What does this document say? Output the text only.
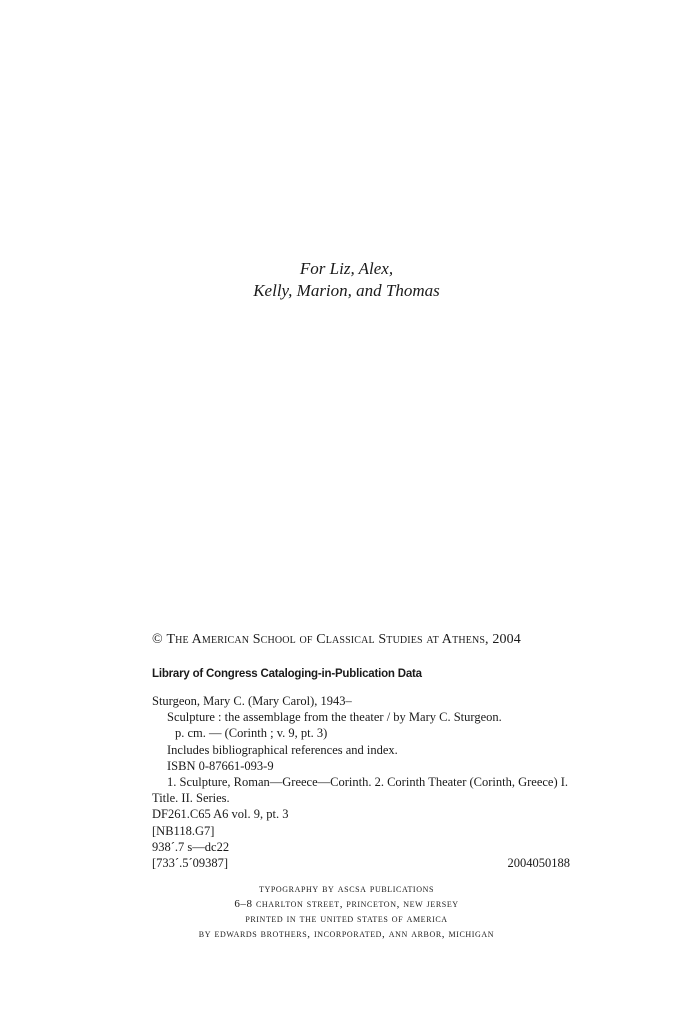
For Liz, Alex,
Kelly, Marion, and Thomas
© The American School of Classical Studies at Athens, 2004
Library of Congress Cataloging-in-Publication Data
Sturgeon, Mary C. (Mary Carol), 1943–
Sculpture : the assemblage from the theater / by Mary C. Sturgeon.
p. cm. — (Corinth ; v. 9, pt. 3)
Includes bibliographical references and index.
ISBN 0-87661-093-9
1. Sculpture, Roman—Greece—Corinth. 2. Corinth Theater (Corinth, Greece) I.
Title. II. Series.
DF261.C65 A6 vol. 9, pt. 3
[NB118.G7]
938´.7 s—dc22
[733´.5´09387]	2004050188
typography by ascsa publications
6–8 charlton street, princeton, new jersey
printed in the united states of america
by edwards brothers, incorporated, ann arbor, michigan
